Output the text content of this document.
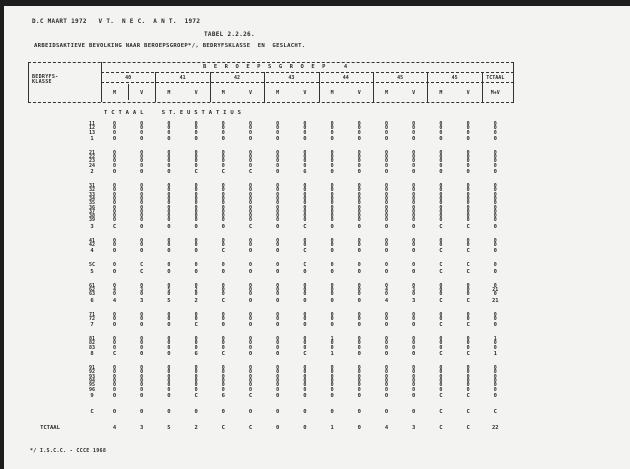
D.C MAART 1972   V T.  N E C.  A N T.  1972
TABEL 2.2.26.
ARBEIDSAKTIEVE BEVOLKING NAAR BEROEPSGROEP*/, BEDRYFSKLASSE  EN  GESLACHT.
B  E  R  O  E  P  S  G  R  O  E  P     4
BEDRYFS-
KLASSE
40	41	42	43	44	45	45	TCTAAL
M	V	M	V	M	V	M	V	M	V	M	V	M	V	M+V
T C T A A L     S T. E U S T A T I U S
11	0	0	0	0	0	0	0	0	0	0	0	0	0	0	0
12	0	0	0	0	0	0	0	0	0	0	0	0	0	0	0
13	0	0	0	0	0	0	0	0	0	0	0	0	0	0	0
1	0	0	0	0	0	0	0	0	0	0	0	0	0	0	0
21	0	0	0	0	0	0	0	0	0	0	0	0	0	0	0
22	0	0	0	0	0	0	0	0	0	0	0	0	0	0	0
23	0	0	0	0	0	0	0	0	0	0	0	0	0	0	0
24	0	0	0	0	0	0	0	0	0	0	0	0	0	0	0
2	0	0	0	C	C	C	0	6	0	0	0	0	0	0	0
31	0	0	0	0	0	0	0	0	0	0	0	0	0	0	0
32	0	0	0	0	0	0	0	0	0	0	0	0	0	0	0
33	0	0	0	0	0	0	0	0	0	0	0	0	0	0	0
34	0	0	0	0	0	0	0	0	0	0	0	0	0	0	0
35	0	0	0	0	0	0	0	0	0	0	0	0	0	0	0
36	0	0	0	0	0	0	0	0	0	0	0	0	0	0	0
37	0	0	0	0	0	0	0	0	0	0	0	0	0	0	0
38	0	0	0	0	0	0	0	0	0	0	0	0	0	0	0
39	0	0	0	0	0	0	0	0	0	0	0	0	0	0	0
3	C	0	0	0	0	C	0	C	0	0	0	0	C	C	0
41	0	0	0	0	0	0	0	0	0	0	0	0	0	0	0
42	0	0	0	0	0	0	0	0	0	0	0	0	0	0	0
4	0	0	0	0	C	0	0	C	0	0	0	0	C	C	0
5C	0	C	0	0	0	0	0	C	0	0	0	0	C	C	0
5	0	C	0	0	0	0	0	0	0	0	0	0	C	C	0
61	0	0	0	0	0	0	0	0	0	0	0	0	0	0	0
62	4	3	5	2	0	0	0	0	0	0	4	3	0	0	21
63	0	0	0	0	0	0	0	0	0	0	0	0	0	0	0
6	4	3	5	2	C	0	0	0	0	0	4	3	C	C	21
71	0	0	0	0	0	0	0	0	0	0	0	0	0	0	0
72	0	0	0	0	0	0	0	0	0	0	0	0	0	0	0
7	0	0	0	C	0	0	0	0	0	0	0	0	C	C	0
81	0	0	0	0	0	0	0	0	1	0	0	0	0	0	1
82	0	0	0	0	0	0	0	0	0	0	0	0	0	0	0
83	0	0	0	0	0	0	0	0	0	0	0	0	0	0	0
8	C	0	0	6	C	0	0	C	1	0	0	0	C	C	1
91	0	0	0	0	0	0	0	0	0	0	0	0	0	0	0
92	0	0	0	0	0	0	0	0	0	0	0	0	0	0	0
93	0	0	0	0	0	0	0	0	0	0	0	0	0	0	0
94	0	0	0	0	0	0	0	0	0	0	0	0	0	0	0
95	0	0	0	0	0	0	0	0	0	0	0	0	0	0	0
96	0	0	0	0	0	0	0	0	0	0	0	0	0	0	0
9	0	0	0	C	6	C	0	0	0	0	0	0	C	C	0
C	0	0	0	0	0	0	0	0	0	0	0	0	C	C	C
TCTAAL	4	3	5	2	C	C	0	0	1	0	4	3	C	C	22
*/ I.S.C.C. - CCCE 1968
